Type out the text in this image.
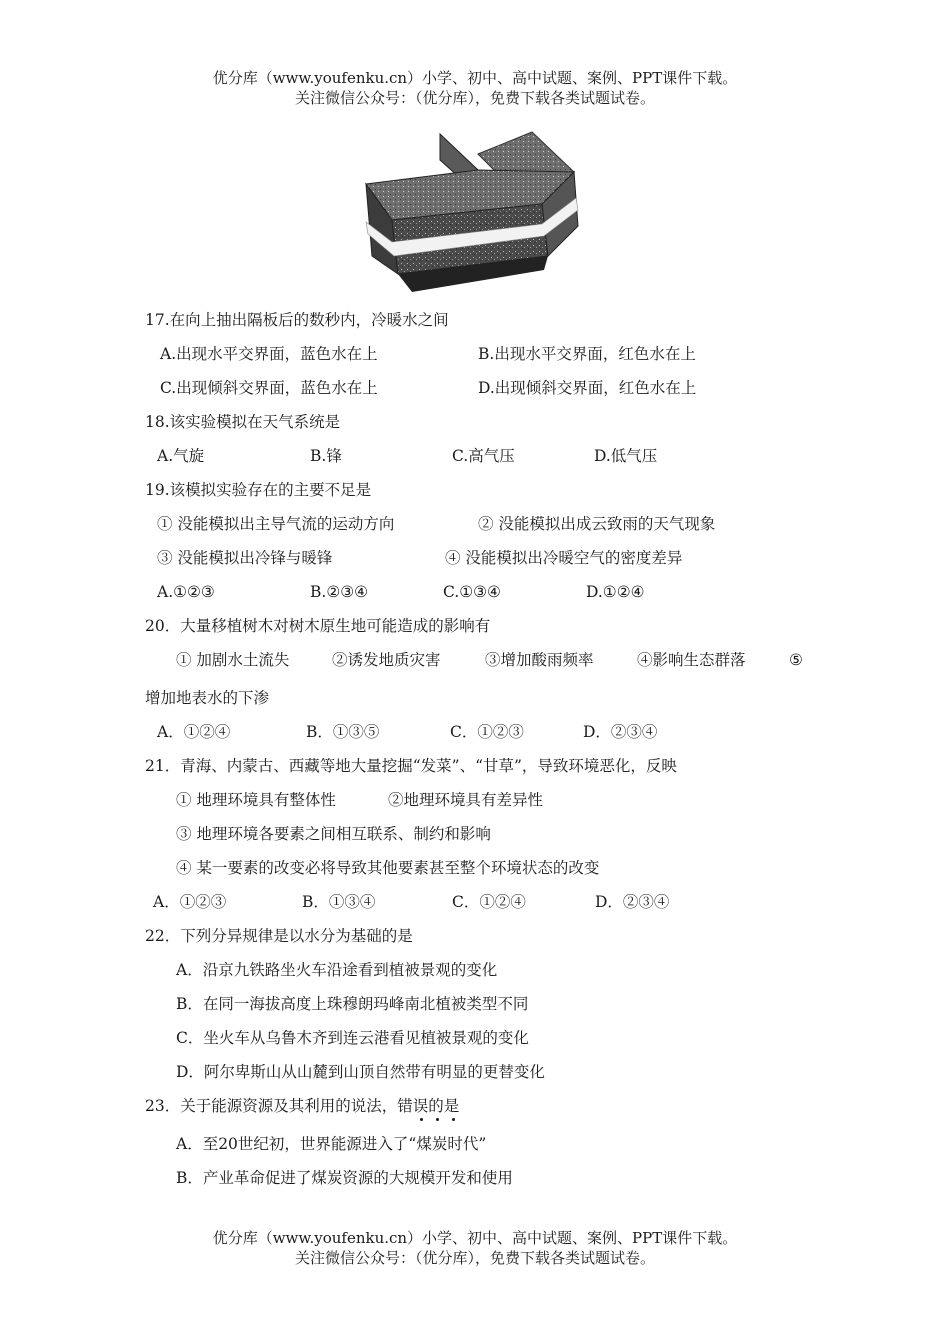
优分库（www.youfenku.cn）小学、初中、高中试题、案例、PPT课件下载。
关注微信公众号：（优分库），免费下载各类试题试卷。
17.在向上抽出隔板后的数秒内，冷暖水之间
A.出现水平交界面，蓝色水在上	B.出现水平交界面，红色水在上
C.出现倾斜交界面，蓝色水在上	D.出现倾斜交界面，红色水在上
18.该实验模拟在天气系统是
A.气旋	B.锋	C.高气压	D.低气压
19.该模拟实验存在的主要不足是
① 没能模拟出主导气流的运动方向	② 没能模拟出成云致雨的天气现象
③ 没能模拟出冷锋与暖锋	④ 没能模拟出冷暖空气的密度差异
A.①②③	B.②③④	C.①③④	D.①②④
20．大量移植树木对树木原生地可能造成的影响有
① 加剧水土流失	②诱发地质灾害	③增加酸雨频率	④影响生态群落	⑤
增加地表水的下渗
A．①②④	B．①③⑤	C．①②③	D．②③④
21．青海、内蒙古、西藏等地大量挖掘“发菜”、“甘草”，导致环境恶化，反映
① 地理环境具有整体性	②地理环境具有差异性
③ 地理环境各要素之间相互联系、制约和影响
④ 某一要素的改变必将导致其他要素甚至整个环境状态的改变
A．①②③	B．①③④	C．①②④	D．②③④
22．下列分异规律是以水分为基础的是
A．沿京九铁路坐火车沿途看到植被景观的变化
B．在同一海拔高度上珠穆朗玛峰南北植被类型不同
C．坐火车从乌鲁木齐到连云港看见植被景观的变化
D．阿尔卑斯山从山麓到山顶自然带有明显的更替变化
23．关于能源资源及其利用的说法，错误的是
A．至20世纪初，世界能源进入了“煤炭时代”
B．产业革命促进了煤炭资源的大规模开发和使用
优分库（www.youfenku.cn）小学、初中、高中试题、案例、PPT课件下载。
关注微信公众号：（优分库），免费下载各类试题试卷。
